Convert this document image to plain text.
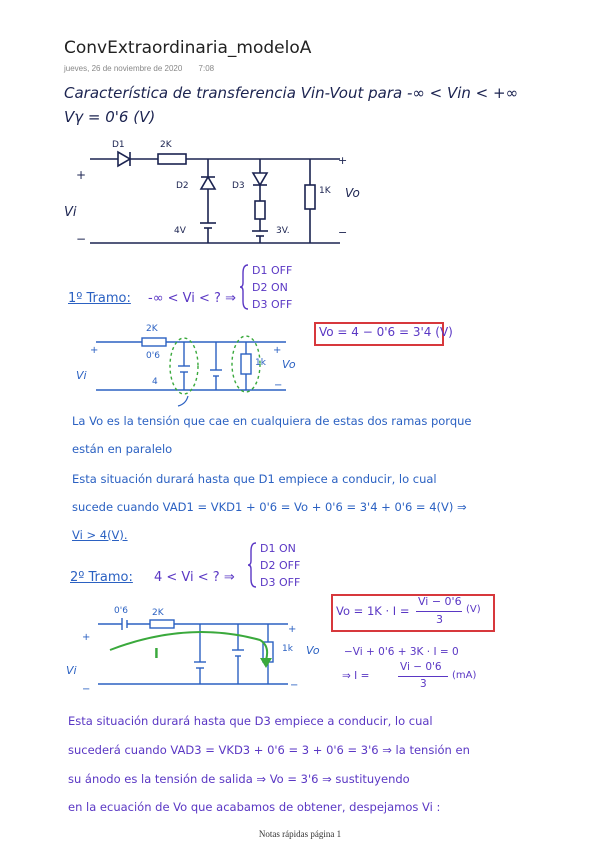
ConvExtraordinaria_modeloA
jueves, 26 de noviembre de 2020 7:08
Característica de transferencia Vin-Vout para -∞ < Vin < +∞
Vγ = 0'6 (V)
+
Vi
−
D1	2K
D2	D3
4V	3V.
1K Vo
+
−
1º Tramo: -∞ < Vi < ? ⇒
D1 OFF
D2 ON
D3 OFF
Vo = 4 − 0'6 = 3'4 (V)
2K
0'6
4
1k Vo
Vi
+	+
−
La Vo es la tensión que cae en cualquiera de estas dos ramas porque
están en paralelo
Esta situación durará hasta que D1 empiece a conducir, lo cual
sucede cuando VAD1 = VKD1 + 0'6 = Vo + 0'6 = 3'4 + 0'6 = 4(V) ⇒
Vi > 4(V).
2º Tramo: 4 < Vi < ? ⇒
D1 ON
D2 OFF
D3 OFF
Vo = 1K · I =
Vi − 0'6
3
(V)
−Vi + 0'6 + 3K · I = 0
⇒ I =
Vi − 0'6
3
(mA)
0'6	2K
I	1k Vo
Vi
+
−
+
−
Esta situación durará hasta que D3 empiece a conducir, lo cual
sucederá cuando VAD3 = VKD3 + 0'6 = 3 + 0'6 = 3'6 ⇒ la tensión en
su ánodo es la tensión de salida ⇒ Vo = 3'6 ⇒ sustituyendo
en la ecuación de Vo que acabamos de obtener, despejamos Vi :
Notas rápidas página 1
